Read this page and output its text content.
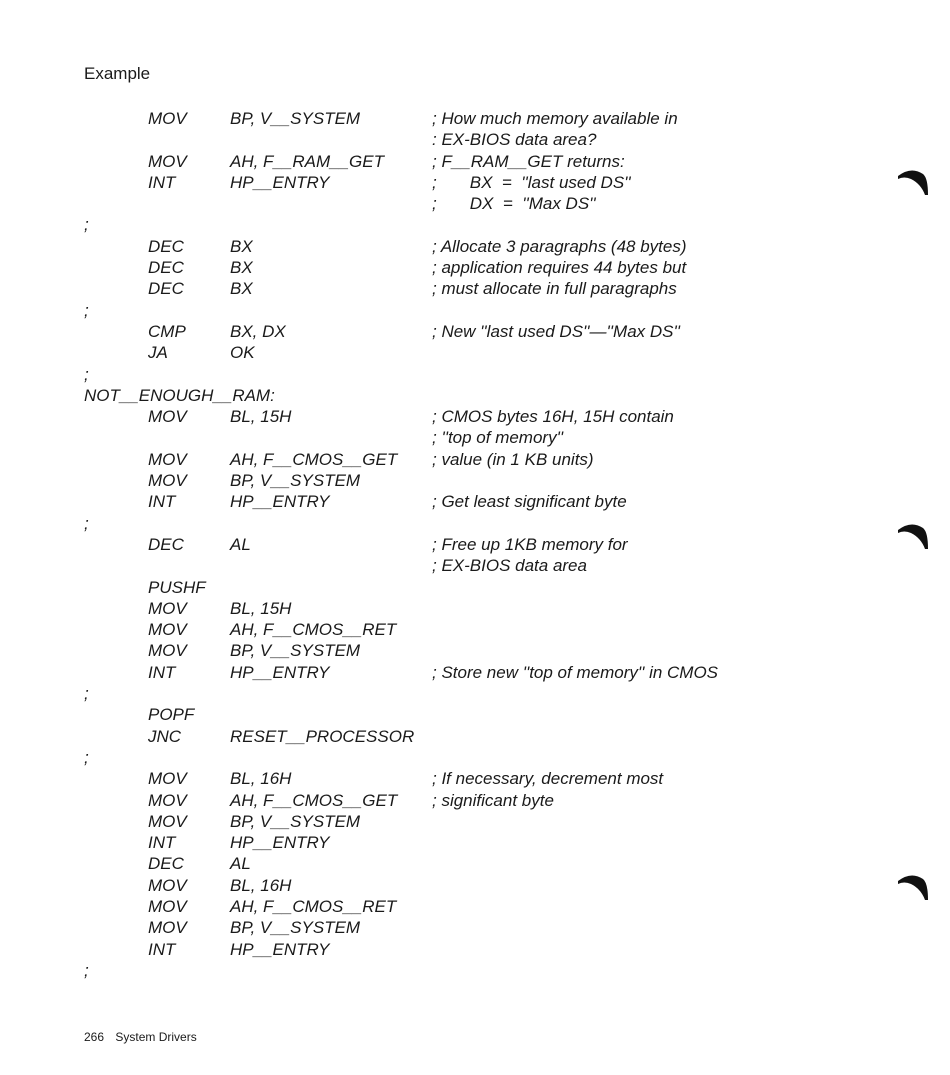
Example
MOV	BP, V__SYSTEM	; How much memory available in
: EX-BIOS data area?
MOV	AH, F__RAM__GET	; F__RAM__GET returns:
INT	HP__ENTRY	;       BX  =  ''last used DS''
;       DX  =  ''Max DS''
;
DEC	BX	; Allocate 3 paragraphs (48 bytes)
DEC	BX	; application requires 44 bytes but
DEC	BX	; must allocate in full paragraphs
;
CMP	BX, DX	; New ''last used DS''—''Max DS''
JA	OK
;
NOT__ENOUGH__RAM:
MOV	BL, 15H	; CMOS bytes 16H, 15H contain
; ''top of memory''
MOV	AH, F__CMOS__GET ; value (in 1 KB units)
MOV	BP, V__SYSTEM
INT	HP__ENTRY	; Get least significant byte
;
DEC	AL	; Free up 1KB memory for
; EX-BIOS data area
PUSHF
MOV	BL, 15H
MOV	AH, F__CMOS__RET
MOV	BP, V__SYSTEM
INT	HP__ENTRY	; Store new ''top of memory'' in CMOS
;
POPF
JNC	RESET__PROCESSOR
;
MOV	BL, 16H	; If necessary, decrement most
MOV	AH, F__CMOS__GET ; significant byte
MOV	BP, V__SYSTEM
INT	HP__ENTRY
DEC	AL
MOV	BL, 16H
MOV	AH, F__CMOS__RET
MOV	BP, V__SYSTEM
INT	HP__ENTRY
;
266 System Drivers
